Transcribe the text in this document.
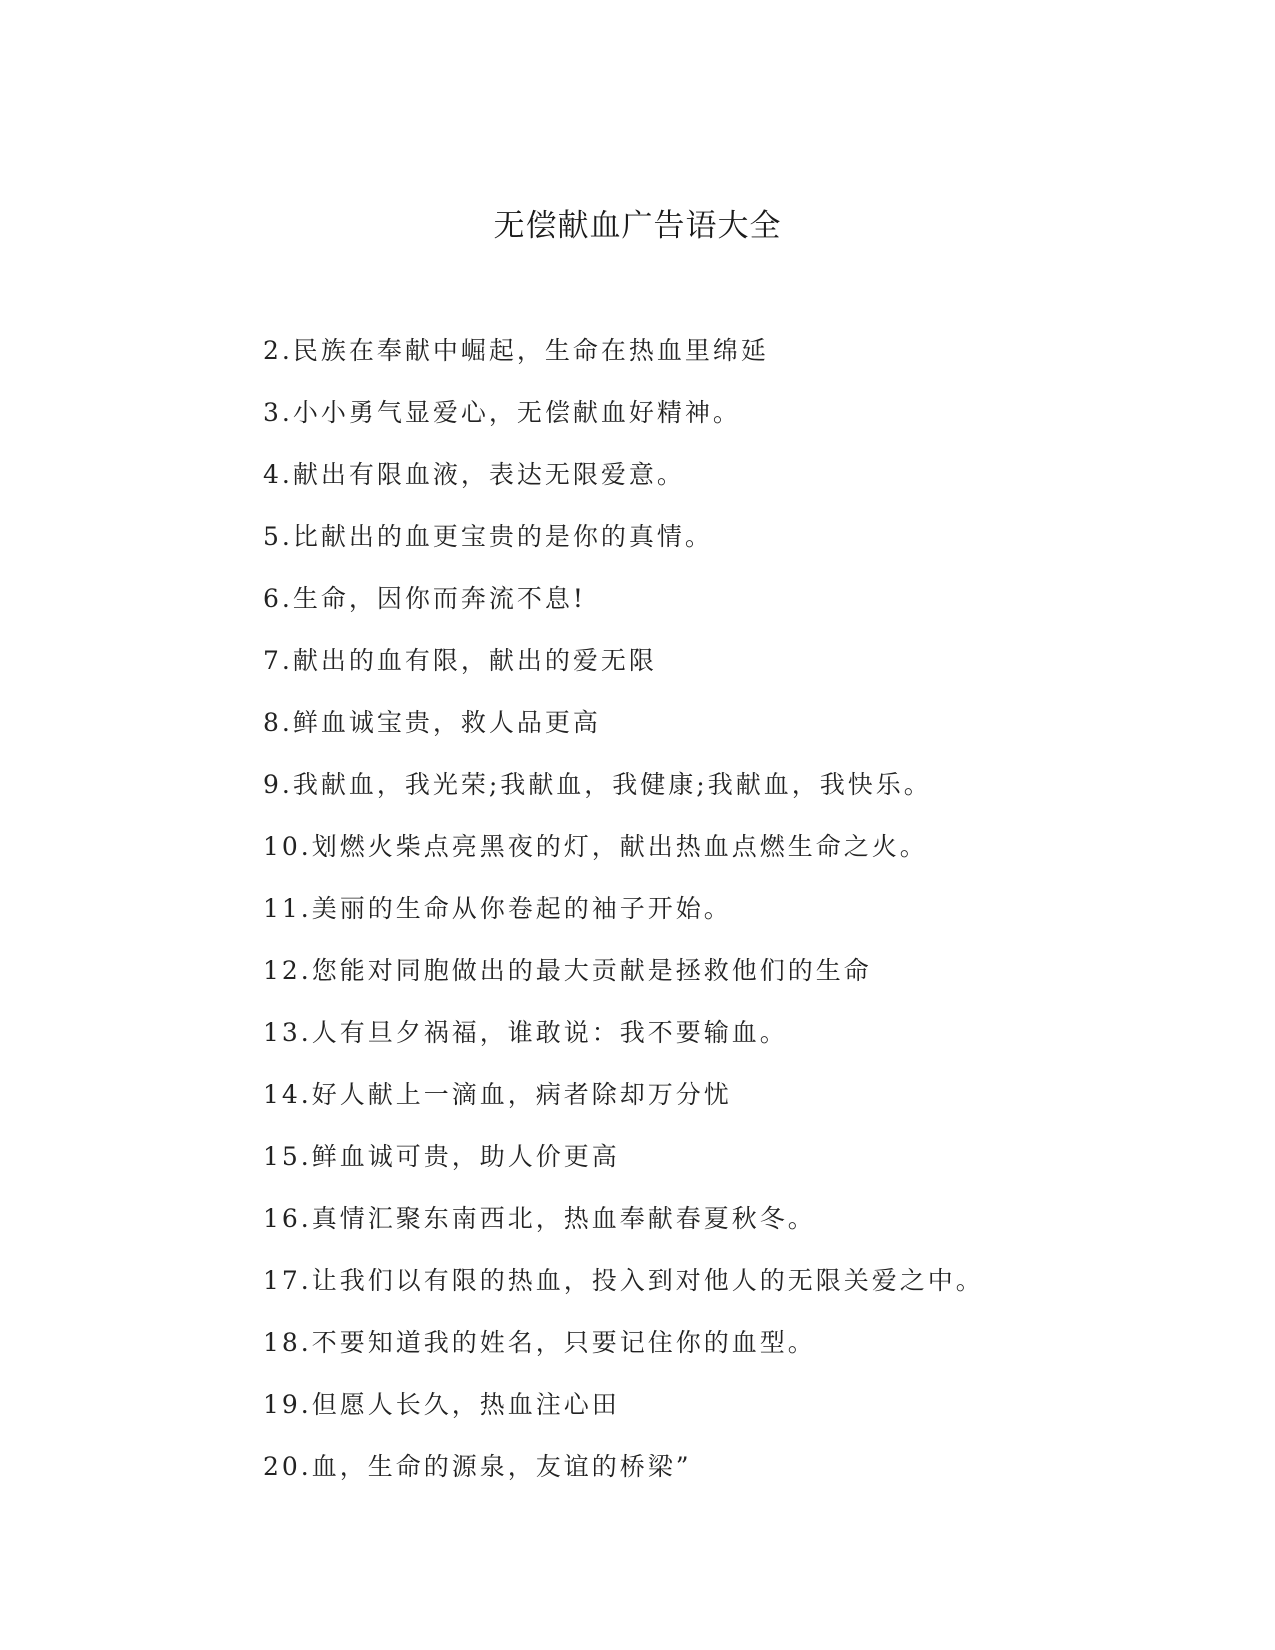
无偿献血广告语大全
2.民族在奉献中崛起，生命在热血里绵延
3.小小勇气显爱心，无偿献血好精神。
4.献出有限血液，表达无限爱意。
5.比献出的血更宝贵的是你的真情。
6.生命，因你而奔流不息!
7.献出的血有限，献出的爱无限
8.鲜血诚宝贵，救人品更高
9.我献血，我光荣;我献血，我健康;我献血，我快乐。
10.划燃火柴点亮黑夜的灯，献出热血点燃生命之火。
11.美丽的生命从你卷起的袖子开始。
12.您能对同胞做出的最大贡献是拯救他们的生命
13.人有旦夕祸福，谁敢说：我不要输血。
14.好人献上一滴血，病者除却万分忧
15.鲜血诚可贵，助人价更高
16.真情汇聚东南西北，热血奉献春夏秋冬。
17.让我们以有限的热血，投入到对他人的无限关爱之中。
18.不要知道我的姓名，只要记住你的血型。
19.但愿人长久，热血注心田
20.血，生命的源泉，友谊的桥梁”
